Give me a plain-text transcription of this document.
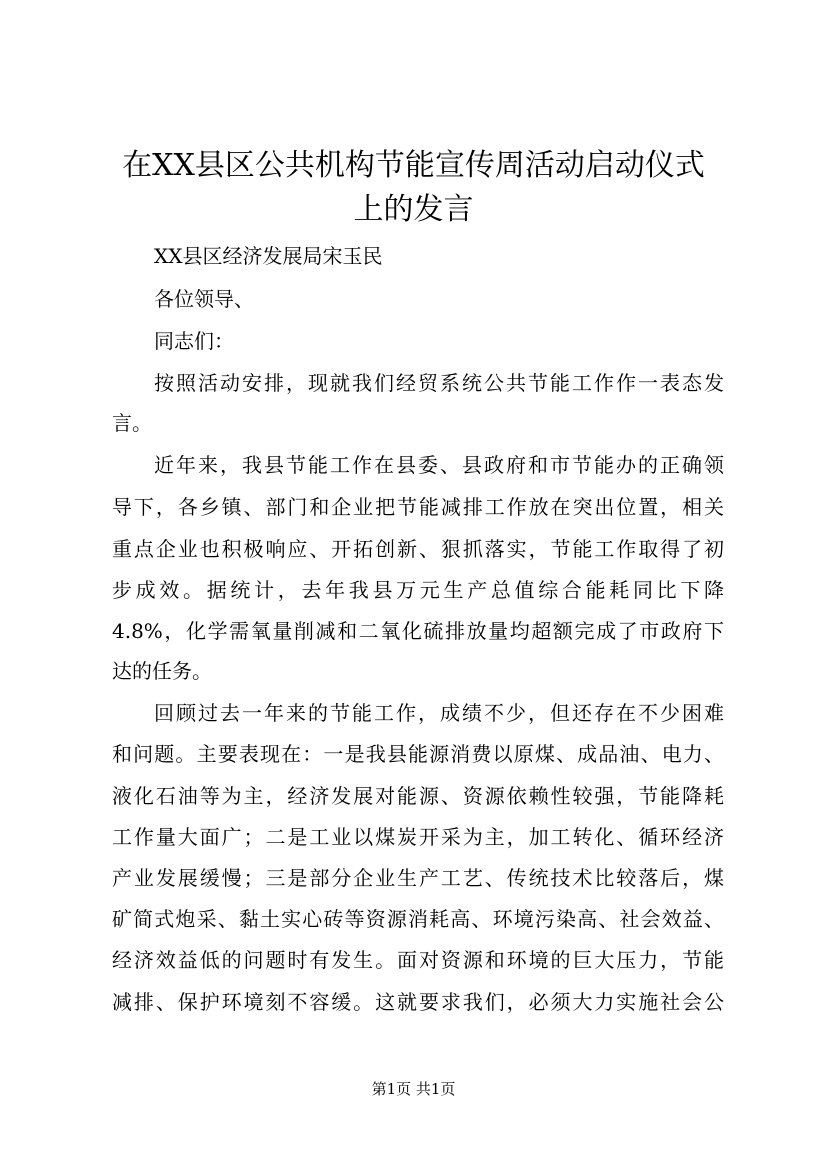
在XX县区公共机构节能宣传周活动启动仪式
上的发言
XX县区经济发展局宋玉民
各位领导、
同志们：
按照活动安排，现就我们经贸系统公共节能工作作一表态发
言。
近年来，我县节能工作在县委、县政府和市节能办的正确领
导下，各乡镇、部门和企业把节能减排工作放在突出位置，相关
重点企业也积极响应、开拓创新、狠抓落实，节能工作取得了初
步成效。据统计，去年我县万元生产总值综合能耗同比下降
4.8%，化学需氧量削减和二氧化硫排放量均超额完成了市政府下
达的任务。
回顾过去一年来的节能工作，成绩不少，但还存在不少困难
和问题。主要表现在：一是我县能源消费以原煤、成品油、电力、
液化石油等为主，经济发展对能源、资源依赖性较强，节能降耗
工作量大面广；二是工业以煤炭开采为主，加工转化、循环经济
产业发展缓慢；三是部分企业生产工艺、传统技术比较落后，煤
矿简式炮采、黏土实心砖等资源消耗高、环境污染高、社会效益、
经济效益低的问题时有发生。面对资源和环境的巨大压力，节能
减排、保护环境刻不容缓。这就要求我们，必须大力实施社会公
第1页 共1页
